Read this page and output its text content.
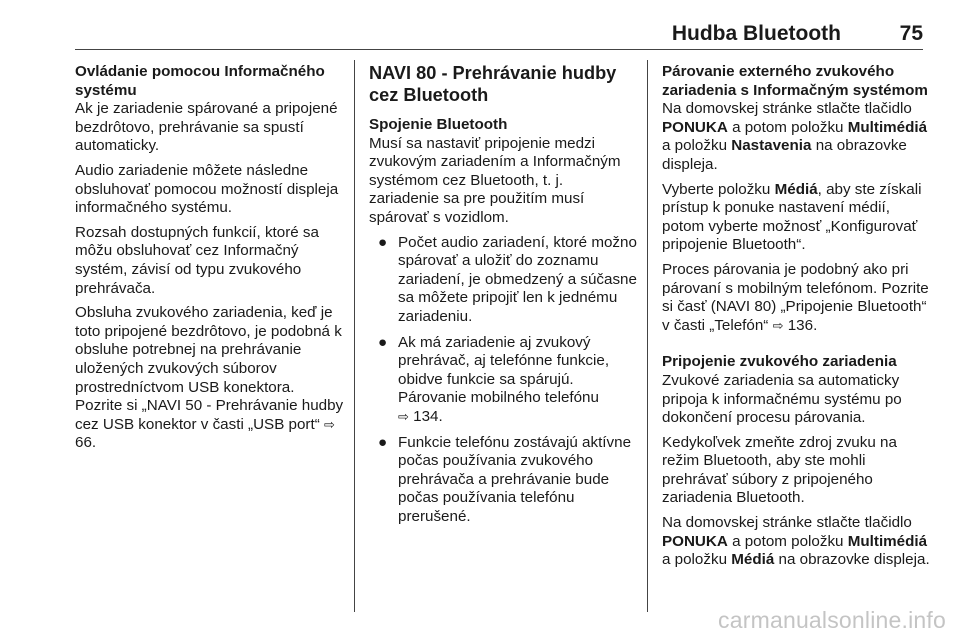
Hudba Bluetooth	75

Ovládanie pomocou Informačného systému

Ak je zariadenie spárované a pripojené bezdrôtovo, prehrávanie sa spustí automaticky.

Audio zariadenie môžete následne obsluhovať pomocou možností displeja informačného systému.

Rozsah dostupných funkcií, ktoré sa môžu obsluhovať cez Informačný systém, závisí od typu zvukového prehrávača.

Obsluha zvukového zariadenia, keď je toto pripojené bezdrôtovo, je podobná k obsluhe potrebnej na prehrávanie uložených zvukových súborov prostredníctvom USB konektora. Pozrite si „NAVI 50 - Prehrávanie hudby cez USB konektor v časti „USB port“ ⇨ 66.

NAVI 80 - Prehrávanie hudby cez Bluetooth

Spojenie Bluetooth

Musí sa nastaviť pripojenie medzi zvukovým zariadením a Informačným systémom cez Bluetooth, t. j. zariadenie sa pre použitím musí spárovať s vozidlom.

● Počet audio zariadení, ktoré možno spárovať a uložiť do zoznamu zariadení, je obmedzený a súčasne sa môžete pripojiť len k jednému zariadeniu.
● Ak má zariadenie aj zvukový prehrávač, aj telefónne funkcie, obidve funkcie sa spárujú. Párovanie mobilného telefónu
⇨ 134.
● Funkcie telefónu zostávajú aktívne počas používania zvukového prehrávača a prehrávanie bude počas používania telefónu prerušené.

Párovanie externého zvukového zariadenia s Informačným systémom

Na domovskej stránke stlačte tlačidlo PONUKA a potom položku Multimédiá a položku Nastavenia na obrazovke displeja.

Vyberte položku Médiá, aby ste získali prístup k ponuke nastavení médií, potom vyberte možnosť „Konfigurovať pripojenie Bluetooth“.

Proces párovania je podobný ako pri párovaní s mobilným telefónom. Pozrite si časť (NAVI 80) „Pripojenie Bluetooth“ v časti „Telefón“ ⇨ 136.

Pripojenie zvukového zariadenia

Zvukové zariadenia sa automaticky pripoja k informačnému systému po dokončení procesu párovania.

Kedykoľvek zmeňte zdroj zvuku na režim Bluetooth, aby ste mohli prehrávať súbory z pripojeného zariadenia Bluetooth.

Na domovskej stránke stlačte tlačidlo PONUKA a potom položku Multimédiá a položku Médiá na obrazovke displeja.

carmanualsonline.info
